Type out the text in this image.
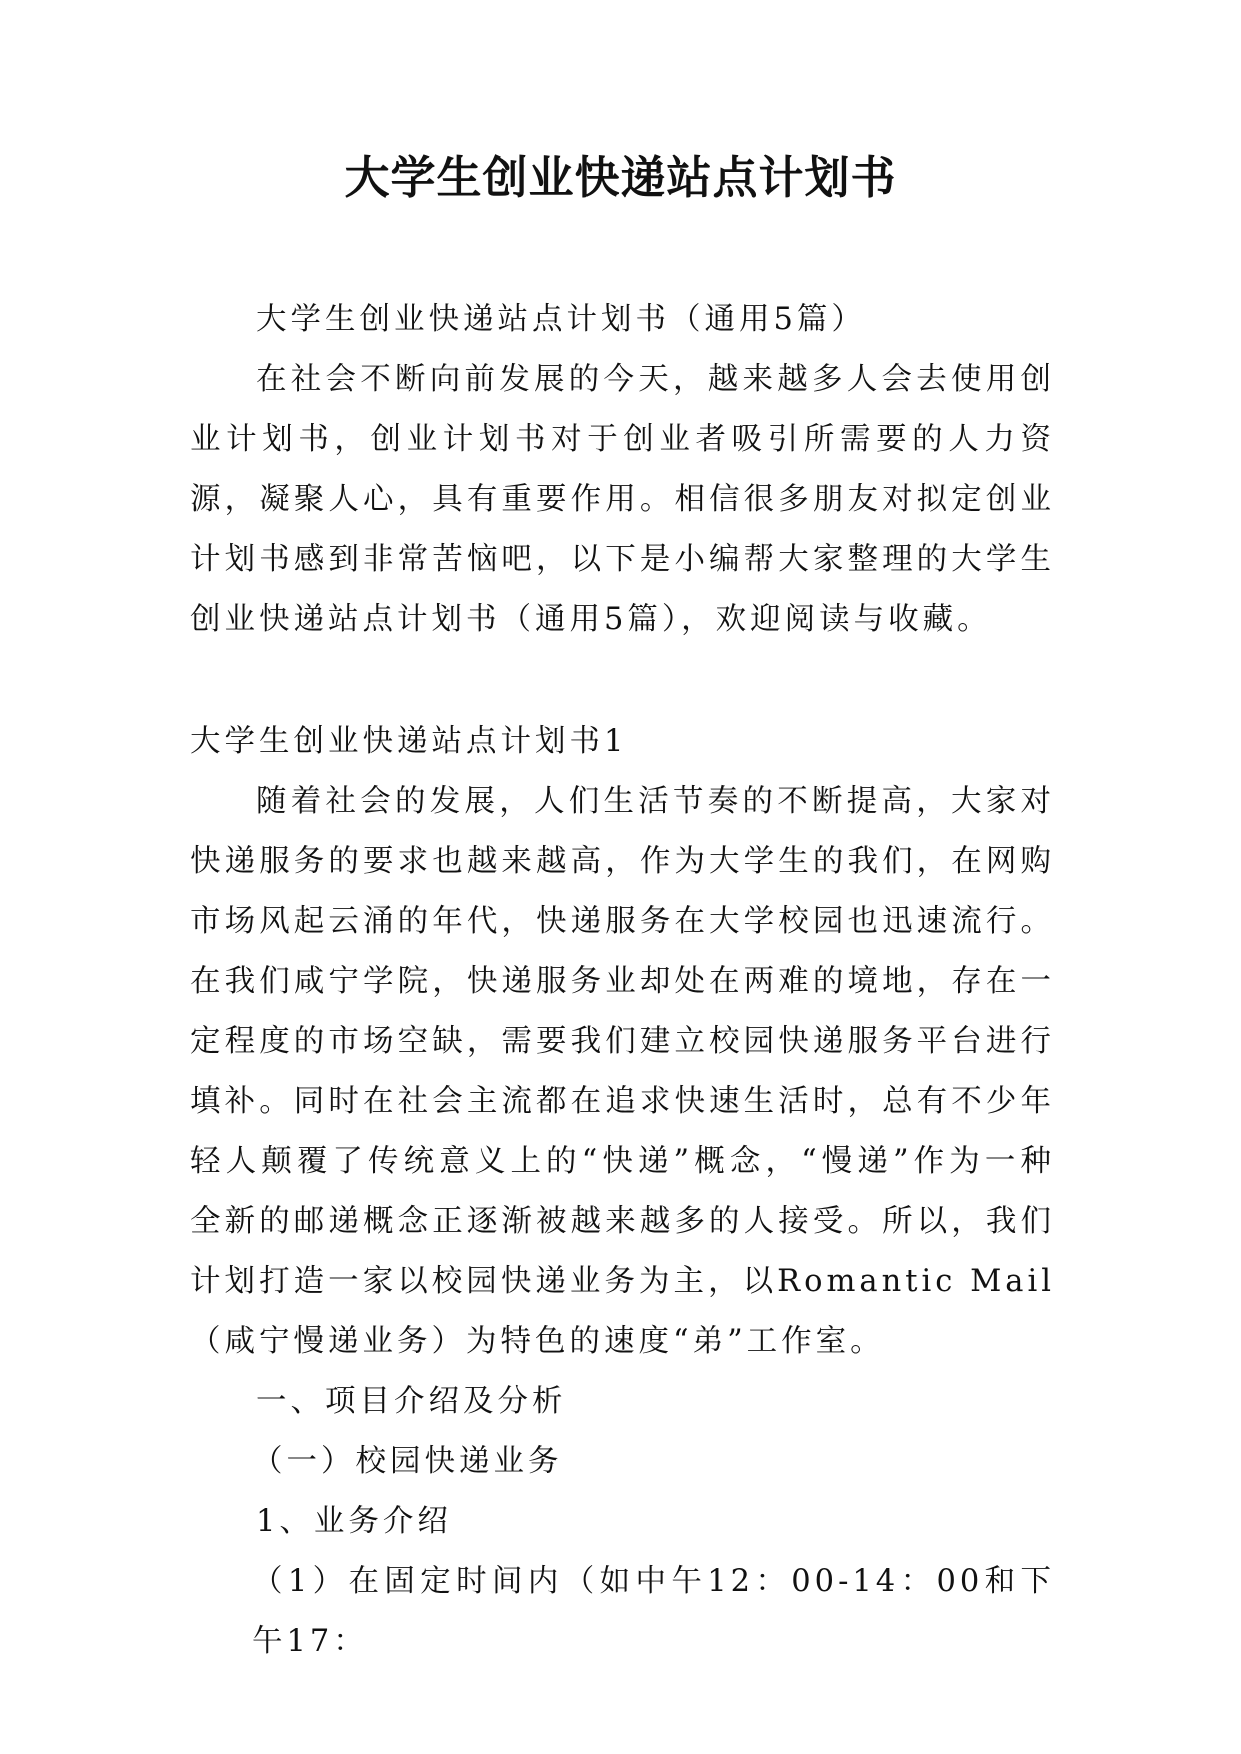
大学生创业快递站点计划书

大学生创业快递站点计划书（通用5篇）

在社会不断向前发展的今天，越来越多人会去使用创业计划书，创业计划书对于创业者吸引所需要的人力资源，凝聚人心，具有重要作用。相信很多朋友对拟定创业计划书感到非常苦恼吧，以下是小编帮大家整理的大学生创业快递站点计划书（通用5篇），欢迎阅读与收藏。

大学生创业快递站点计划书1

随着社会的发展，人们生活节奏的不断提高，大家对快递服务的要求也越来越高，作为大学生的我们，在网购市场风起云涌的年代，快递服务在大学校园也迅速流行。在我们咸宁学院，快递服务业却处在两难的境地，存在一定程度的市场空缺，需要我们建立校园快递服务平台进行填补。同时在社会主流都在追求快速生活时，总有不少年轻人颠覆了传统意义上的“快递”概念，“慢递”作为一种全新的邮递概念正逐渐被越来越多的人接受。所以，我们计划打造一家以校园快递业务为主，以Romantic Mail（咸宁慢递业务）为特色的速度“弟”工作室。

一、项目介绍及分析

（一）校园快递业务

1、业务介绍

（1）在固定时间内（如中午12：00-14：00和下午17：
